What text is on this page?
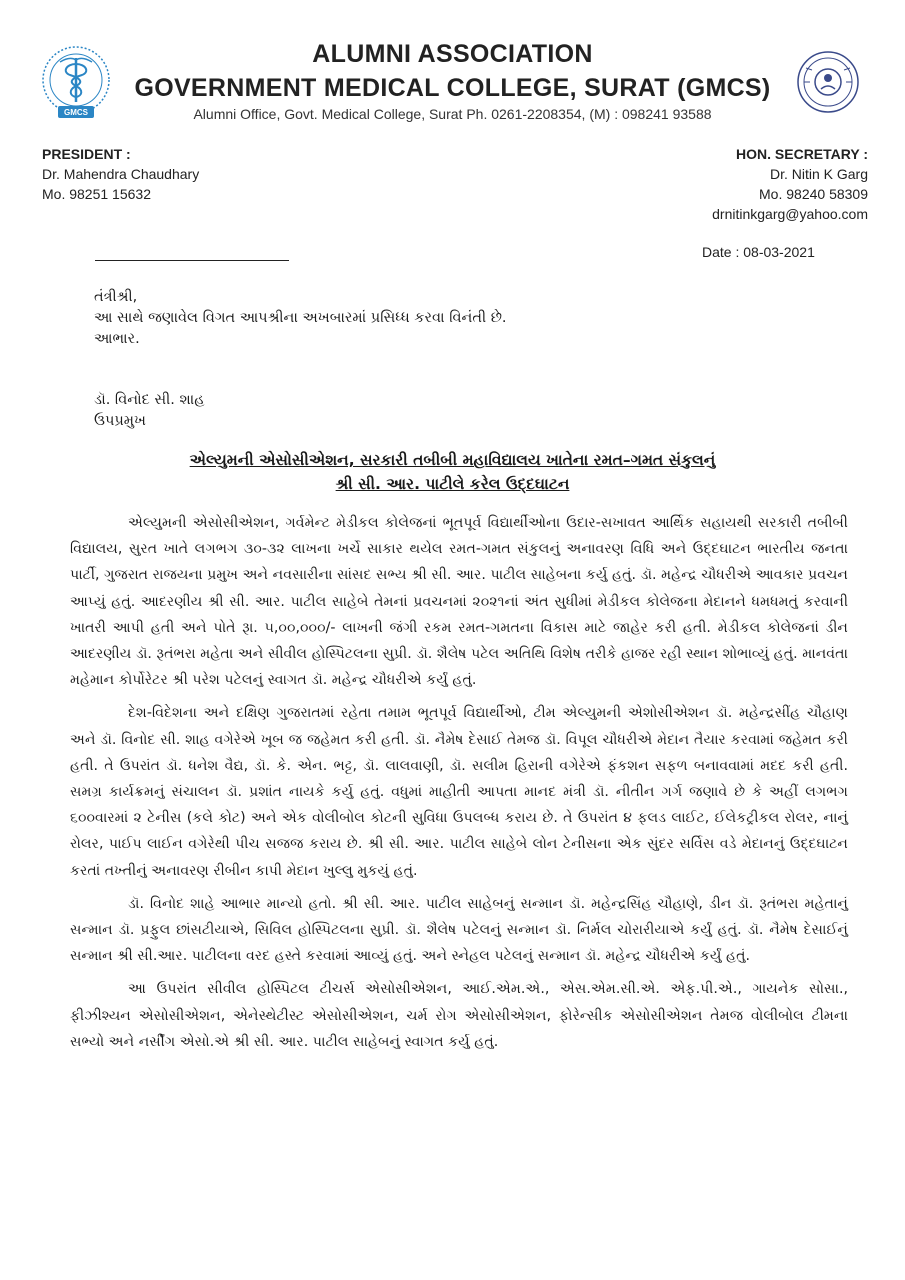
GMCS
ALUMNI ASSOCIATION
GOVERNMENT MEDICAL COLLEGE, SURAT (GMCS)
Alumni Office, Govt. Medical College, Surat Ph. 0261-2208354, (M) : 098241 93588
PRESIDENT :
Dr. Mahendra Chaudhary
Mo. 98251 15632
HON. SECRETARY :
Dr. Nitin K Garg
Mo. 98240 58309
drnitinkgarg@yahoo.com
Date : 08-03-2021
તંત્રીશ્રી,
આ સાથે જણાવેલ વિગત આપશ્રીના અખબારમાં પ્રસિધ્ધ કરવા વિનંતી છે.
આભાર.
ડૉ. વિનોદ સી. શાહ
ઉપપ્રમુખ
એલ્યુમની એસોસીએશન, સરકારી તબીબી મહાવિદ્યાલય ખાતેના રમત–ગમત સંકુલનું
શ્રી સી. આર. પાટીલે કરેલ ઉદ્દઘાટન

એલ્યુમની એસોસીએશન, ગર્વમેન્ટ મેડીકલ કોલેજનાં ભૂતપૂર્વ વિદ્યાર્થીઓના ઉદાર-સખાવત આર્થિક સહાયથી સરકારી તબીબી વિદ્યાલય, સુરત ખાતે લગભગ ૩૦-૩૨ લાખના ખર્ચે સાકાર થયેલ રમત-ગમત સંકુલનું અનાવરણ વિધિ અને ઉદ્દઘાટન ભારતીય જનતા પાર્ટી, ગુજરાત રાજયના પ્રમુખ અને નવસારીના સાંસદ સભ્ય શ્રી સી. આર. પાટીલ સાહેબના કર્યુ હતું. ડૉ. મહેન્દ્ર ચૌધરીએ આવકાર પ્રવચન આપ્યું હતું. આદરણીય શ્રી સી. આર. પાટીલ સાહેબે તેમનાં પ્રવચનમાં ૨૦૨૧નાં અંત સુધીમાં મેડીકલ કોલેજના મેદાનને ધમધમતું કરવાની ખાતરી આપી હતી અને પોતે રૂા. ૫,૦૦,૦૦૦/- લાખની જંગી રકમ રમત-ગમતના વિકાસ માટે જાહેર કરી હતી. મેડીકલ કોલેજનાં ડીન આદરણીય ડૉ. રૂતંભરા મહેતા અને સીવીલ હોસ્પિટલના સુપ્રી. ડૉ. શૈલેષ પટેલ અતિથિ વિશેષ તરીકે હાજર રહી સ્થાન શોભાવ્યું હતું. માનવંતા મહેમાન કોર્પોરેટર શ્રી પરેશ પટેલનું સ્વાગત ડૉ. મહેન્દ્ર ચૌધરીએ કર્યું હતું.

દેશ-વિદેશના અને દક્ષિણ ગુજરાતમાં રહેતા તમામ ભૂતપૂર્વ વિદ્યાર્થીઓ, ટીમ એલ્યુમની એશોસીએશન ડૉ. મહેન્દ્રસીંહ ચૌહાણ અને ડૉ. વિનોદ સી. શાહ વગેરેએ ખૂબ જ જહેમત કરી હતી. ડૉ. નૈમેષ દેસાઈ તેમજ ડૉ. વિપૂલ ચૌધરીએ મેદાન તૈયાર કરવામાં જહેમત કરી હતી. તે ઉપરાંત ડૉ. ધનેશ વૈદ્ય, ડૉ. કે. એન. ભટ્ટ, ડૉ. લાલવાણી, ડૉ. સલીમ હિરાની વગેરેએ ફંકશન સફળ બનાવવામાં મદદ કરી હતી. સમગ્ર કાર્યક્રમનું સંચાલન ડૉ. પ્રશાંત નાયકે કર્યુ હતું. વધુમાં માહીતી આપતા માનદ મંત્રી ડૉ. નીતીન ગર્ગ જણાવે છે કે અહીં લગભગ ૬૦૦વારમાં ૨ ટેનીસ (કલે કોટ) અને એક વોલીબોલ કોટની સુવિધા ઉપલબ્ધ કરાય છે. તે ઉપરાંત ૪ ફલડ લાઈટ, ઈલેકટ્રીકલ રોલર, નાનું રોલર, પાઈપ લાઈન વગેરેથી પીચ સજજ કરાય છે. શ્રી સી. આર. પાટીલ સાહેબે લોન ટેનીસના એક સુંદર સર્વિસ વડે મેદાનનું ઉદ્દઘાટન કરતાં તખ્તીનું અનાવરણ રીબીન કાપી મેદાન ખુલ્લુ મુકયું હતું.

ડૉ. વિનોદ શાહે આભાર માન્યો હતો. શ્રી સી. આર. પાટીલ સાહેબનું સન્માન ડૉ. મહેન્દ્રસિંહ ચૌહાણે, ડીન ડૉ. રૂતંભરા મહેતાનું સન્માન ડૉ. પ્રફુલ છાંસટીયાએ, સિવિલ હોસ્પિટલના સુપ્રી. ડૉ. શૈલેષ પટેલનું સન્માન ડૉ. નિર્મલ ચોરારીયાએ કર્યું હતું. ડૉ. નૈમેષ દેસાઈનું સન્માન શ્રી સી.આર. પાટીલના વરદ હસ્તે કરવામાં આવ્યું હતું. અને સ્નેહલ પટેલનું સન્માન ડૉ. મહેન્દ્ર ચૌધરીએ કર્યું હતું.

આ ઉપરાંત સીવીલ હોસ્પિટલ ટીચર્સ એસોસીએશન, આઈ.એમ.એ., એસ.એમ.સી.એ. એફ.પી.એ., ગાયનેક સોસા., ફીઝીશ્યન એસોસીએશન, એનેસ્થેટીસ્ટ એસોસીએશન, ચર્મ રોગ એસોસીએશન, ફોરેન્સીક એસોસીએશન તેમજ વોલીબોલ ટીમના સભ્યો અને નર્સીંગ એસો.એ શ્રી સી. આર. પાટીલ સાહેબનું સ્વાગત કર્યુ હતું.
